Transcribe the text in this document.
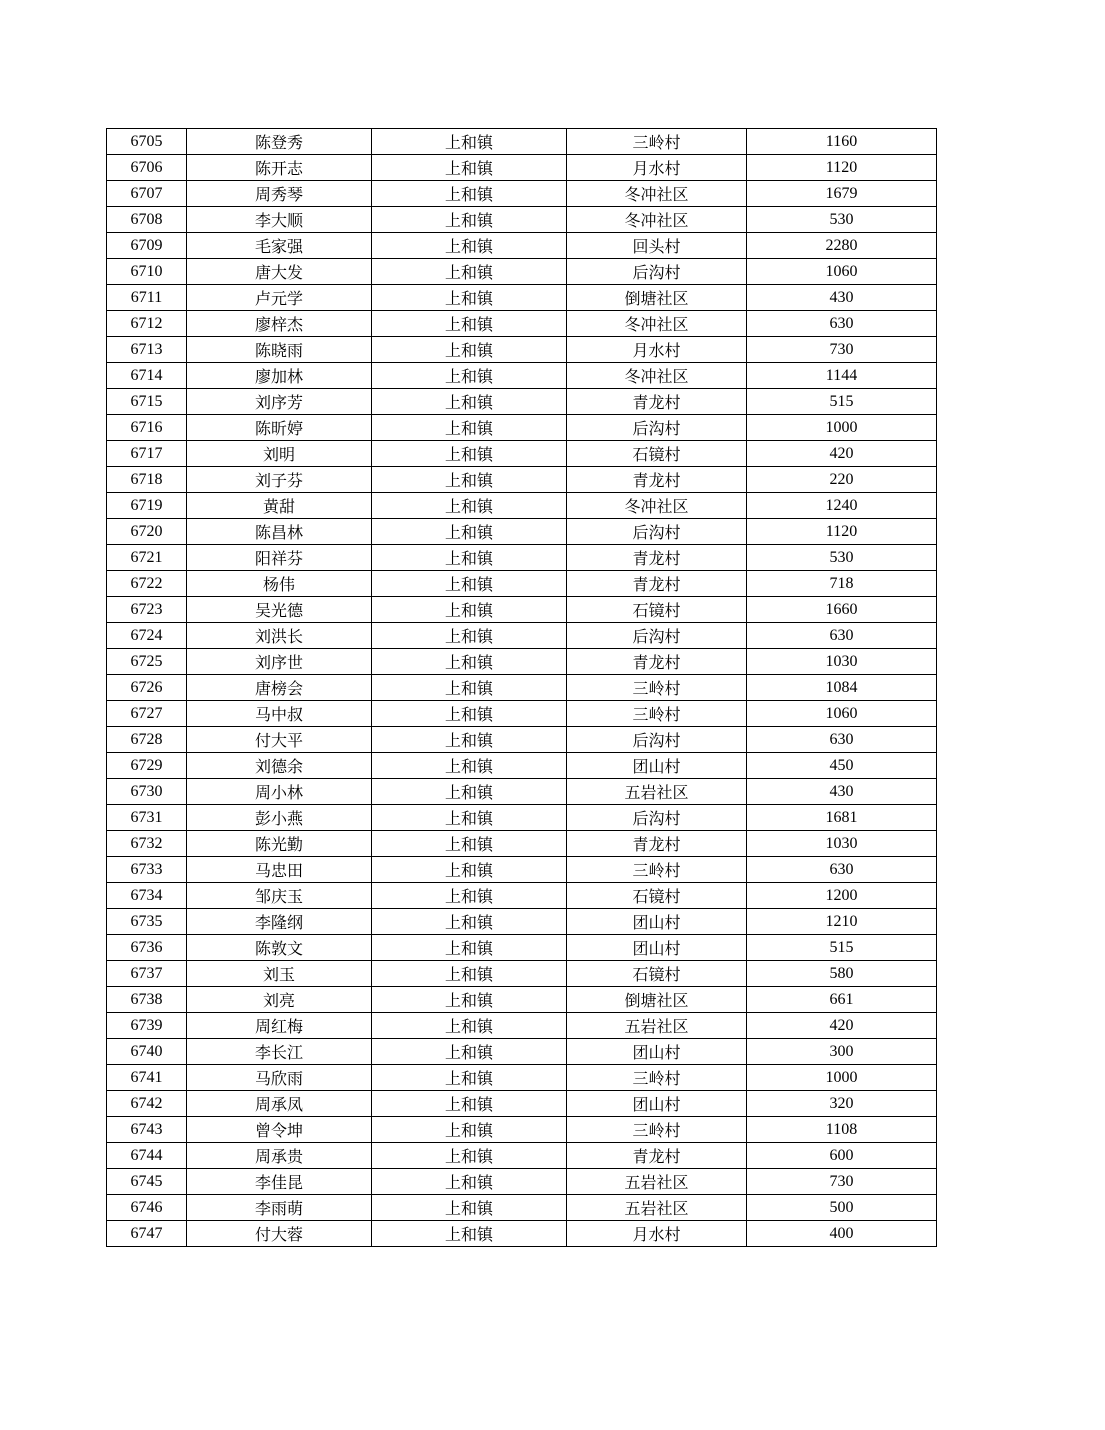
6705	陈登秀	上和镇	三岭村	1160
6706	陈开志	上和镇	月水村	1120
6707	周秀琴	上和镇	冬冲社区	1679
6708	李大顺	上和镇	冬冲社区	530
6709	毛家强	上和镇	回头村	2280
6710	唐大发	上和镇	后沟村	1060
6711	卢元学	上和镇	倒塘社区	430
6712	廖梓杰	上和镇	冬冲社区	630
6713	陈晓雨	上和镇	月水村	730
6714	廖加林	上和镇	冬冲社区	1144
6715	刘序芳	上和镇	青龙村	515
6716	陈昕婷	上和镇	后沟村	1000
6717	刘明	上和镇	石镜村	420
6718	刘子芬	上和镇	青龙村	220
6719	黄甜	上和镇	冬冲社区	1240
6720	陈昌林	上和镇	后沟村	1120
6721	阳祥芬	上和镇	青龙村	530
6722	杨伟	上和镇	青龙村	718
6723	吴光德	上和镇	石镜村	1660
6724	刘洪长	上和镇	后沟村	630
6725	刘序世	上和镇	青龙村	1030
6726	唐榜会	上和镇	三岭村	1084
6727	马中叔	上和镇	三岭村	1060
6728	付大平	上和镇	后沟村	630
6729	刘德余	上和镇	团山村	450
6730	周小林	上和镇	五岩社区	430
6731	彭小燕	上和镇	后沟村	1681
6732	陈光勤	上和镇	青龙村	1030
6733	马忠田	上和镇	三岭村	630
6734	邹庆玉	上和镇	石镜村	1200
6735	李隆纲	上和镇	团山村	1210
6736	陈敦文	上和镇	团山村	515
6737	刘玉	上和镇	石镜村	580
6738	刘亮	上和镇	倒塘社区	661
6739	周红梅	上和镇	五岩社区	420
6740	李长江	上和镇	团山村	300
6741	马欣雨	上和镇	三岭村	1000
6742	周承凤	上和镇	团山村	320
6743	曾令坤	上和镇	三岭村	1108
6744	周承贵	上和镇	青龙村	600
6745	李佳昆	上和镇	五岩社区	730
6746	李雨萌	上和镇	五岩社区	500
6747	付大蓉	上和镇	月水村	400
